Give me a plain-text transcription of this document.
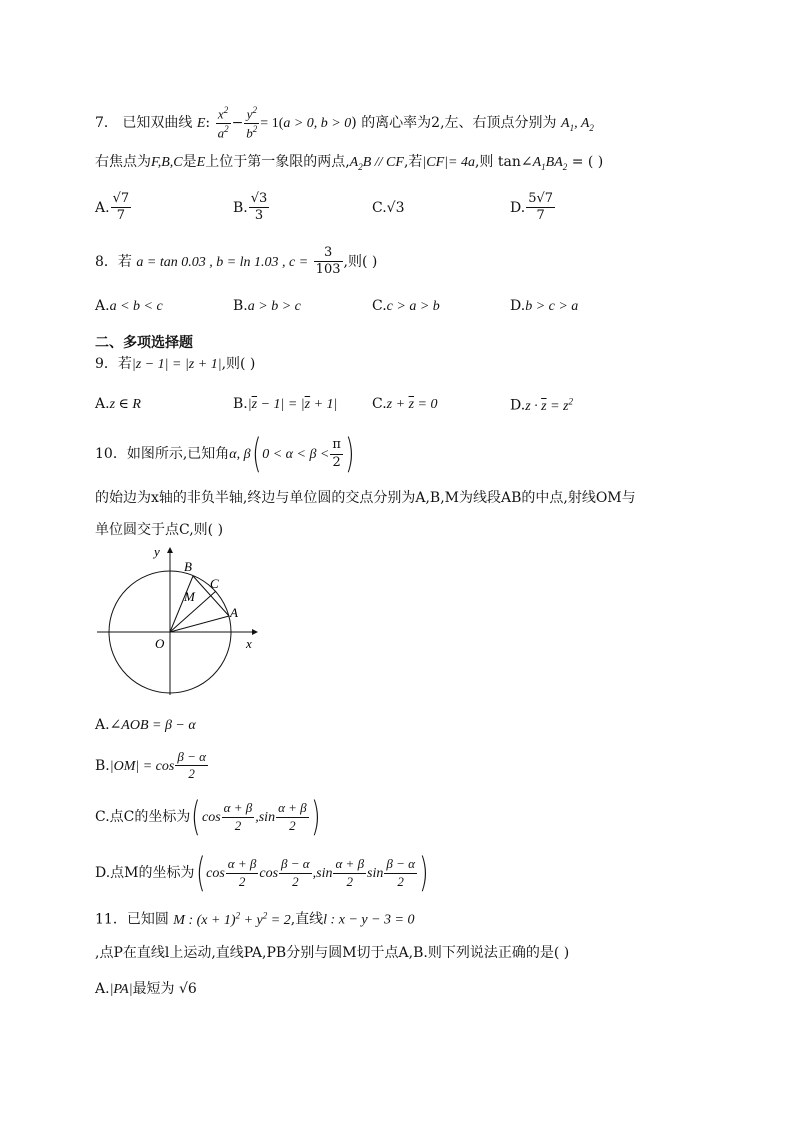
7． 已知双曲线 E: $\frac{x^2}{a^2} - \frac{y^2}{b^2} = 1(a > 0$, b > 0) 的离心率为2,左、右顶点分别为 $A_1$, $A_2$
右焦点为F,B,C是E上位于第一象限的两点$,A_2B$ // CF,若|CF|= 4a,则 $\tan\angle A_1BA_2$ = ( )
A. $\frac{√7}{7}$	B. $\frac{√3}{3}$	C.√3	D. $\frac{5√7}{7}$
8．若 a = tan 0.03 , b = ln 1.03 , $c = \frac{3}{103}$ ,则( )
A.a < b < c	B.a > b > c	C.c > a > b	D.b > c > a
二、多项选择题
9．若|z − 1| = |z + 1|,则( )
A.z ∈ R	$B.|\overline{z} - 1| = |\overline{z} + 1|$ $C.z + \overline{z} = 0$	$D.z \cdot \overline{z} = z^2$
10．如图所示,已知角α, $\beta(0 < \alpha < \beta < \frac{\pi}{2}$ )
的始边为x轴的非负半轴,终边与单位圆的交点分别为A,B,M为线段AB的中点,射线OM与
单位圆交于点C,则( )
y
x
O
A
B
C
M
A.∠AOB = β − α
$B.|OM| = \cos \frac{\beta - \alpha}{2}$
C.点C的坐标为($\cos \frac{\alpha + \beta}{2} ,\sin \frac{\alpha + \beta}{2}$ )
D.点M的坐标为($\cos \frac{\alpha + \beta}{2}$ $\cos \frac{\beta - \alpha}{2} ,\sin \frac{\alpha + \beta}{2}$ $\sin \frac{\beta - \alpha}{2}$ )
11．已知圆 M : $(x + 1)^2 + y^2 = 2$,直线l : x − y − 3 = 0
,点P在直线l上运动,直线PA,PB分别与圆M切于点A,B.则下列说法正确的是( )
A.|PA|最短为 √6
